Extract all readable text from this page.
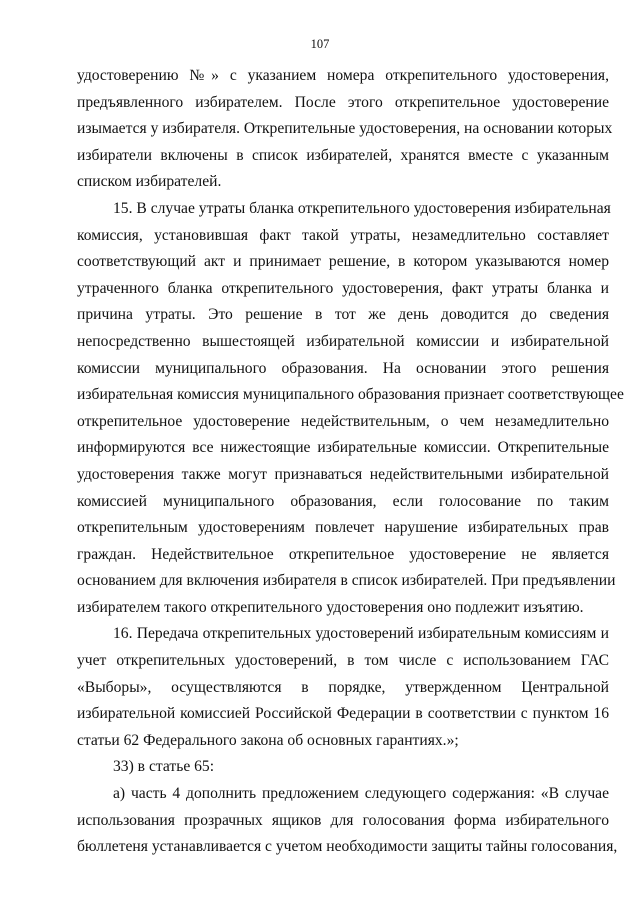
107
удостоверению №» с указанием номера открепительного удостоверения,
предъявленного избирателем. После этого открепительное удостоверение
изымается у избирателя. Открепительные удостоверения, на основании которых
избиратели включены в список избирателей, хранятся вместе с указанным
списком избирателей.
15. В случае утраты бланка открепительного удостоверения избирательная
комиссия, установившая факт такой утраты, незамедлительно составляет
соответствующий акт и принимает решение, в котором указываются номер
утраченного бланка открепительного удостоверения, факт утраты бланка и
причина утраты. Это решение в тот же день доводится до сведения
непосредственно вышестоящей избирательной комиссии и избирательной
комиссии муниципального образования. На основании этого решения
избирательная комиссия муниципального образования признает соответствующее
открепительное удостоверение недействительным, о чем незамедлительно
информируются все нижестоящие избирательные комиссии. Открепительные
удостоверения также могут признаваться недействительными избирательной
комиссией муниципального образования, если голосование по таким
открепительным удостоверениям повлечет нарушение избирательных прав
граждан. Недействительное открепительное удостоверение не является
основанием для включения избирателя в список избирателей. При предъявлении
избирателем такого открепительного удостоверения оно подлежит изъятию.
16. Передача открепительных удостоверений избирательным комиссиям и
учет открепительных удостоверений, в том числе с использованием ГАС
«Выборы», осуществляются в порядке, утвержденном Центральной
избирательной комиссией Российской Федерации в соответствии с пунктом 16
статьи 62 Федерального закона об основных гарантиях.»;
33) в статье 65:
а) часть 4 дополнить предложением следующего содержания: «В случае
использования прозрачных ящиков для голосования форма избирательного
бюллетеня устанавливается с учетом необходимости защиты тайны голосования,
